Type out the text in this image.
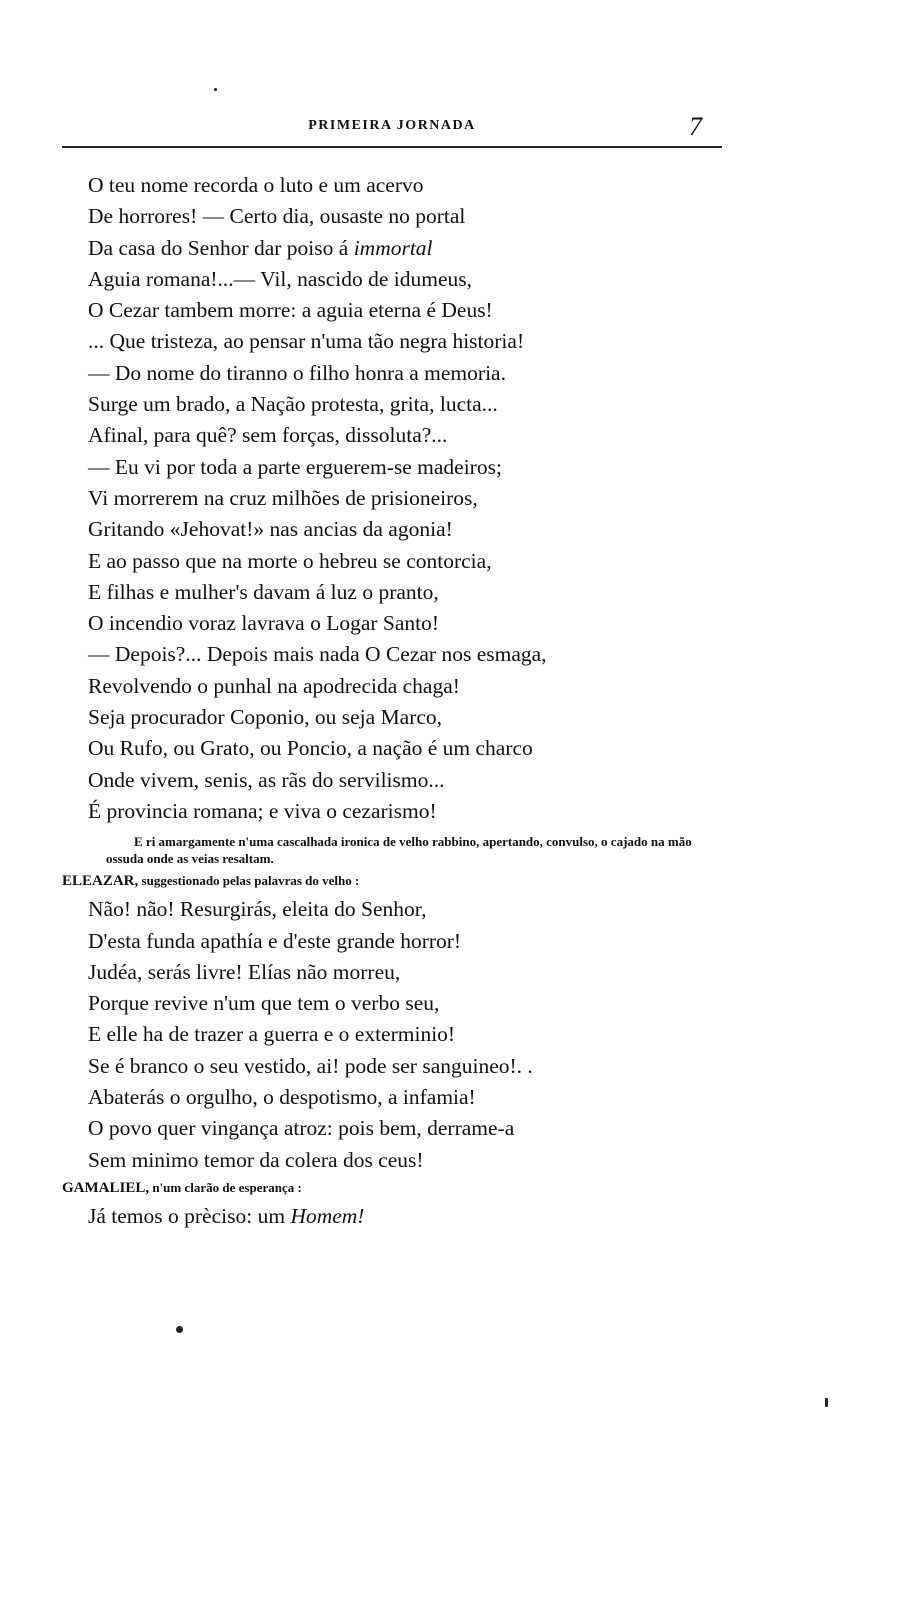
PRIMEIRA JORNADA	7
O teu nome recorda o luto e um acervo
De horrores! — Certo dia, ousaste no portal
Da casa do Senhor dar poiso á immortal
Aguia romana!...— Vil, nascido de idumeus,
O Cezar tambem morre: a aguia eterna é Deus!
... Que tristeza, ao pensar n'uma tão negra historia!
— Do nome do tiranno o filho honra a memoria.
Surge um brado, a Nação protesta, grita, lucta...
Afinal, para quê? sem forças, dissoluta?...
— Eu vi por toda a parte erguerem-se madeiros;
Vi morrerem na cruz milhões de prisioneiros,
Gritando «Jehovat!» nas ancias da agonia!
E ao passo que na morte o hebreu se contorcia,
E filhas e mulher's davam á luz o pranto,
O incendio voraz lavrava o Logar Santo!
— Depois?... Depois mais nada O Cezar nos esmaga,
Revolvendo o punhal na apodrecida chaga!
Seja procurador Coponio, ou seja Marco,
Ou Rufo, ou Grato, ou Poncio, a nação é um charco
Onde vivem, senis, as rãs do servilismo...
É provincia romana; e viva o cezarismo!
E ri amargamente n'uma cascalhada ironica de velho rabbino, apertando, convulso, o cajado na mão ossuda onde as veias resaltam.
ELEAZAR, suggestionado pelas palavras do velho :
Não! não! Resurgirás, eleita do Senhor,
D'esta funda apathía e d'este grande horror!
Judéa, serás livre! Elías não morreu,
Porque revive n'um que tem o verbo seu,
E elle ha de trazer a guerra e o exterminio!
Se é branco o seu vestido, ai! pode ser sanguineo!. .
Abaterás o orgulho, o despotismo, a infamia!
O povo quer vingança atroz: pois bem, derrame-a
Sem minimo temor da colera dos ceus!
GAMALIEL, n'um clarão de esperança :
Já temos o prèciso: um Homem!
